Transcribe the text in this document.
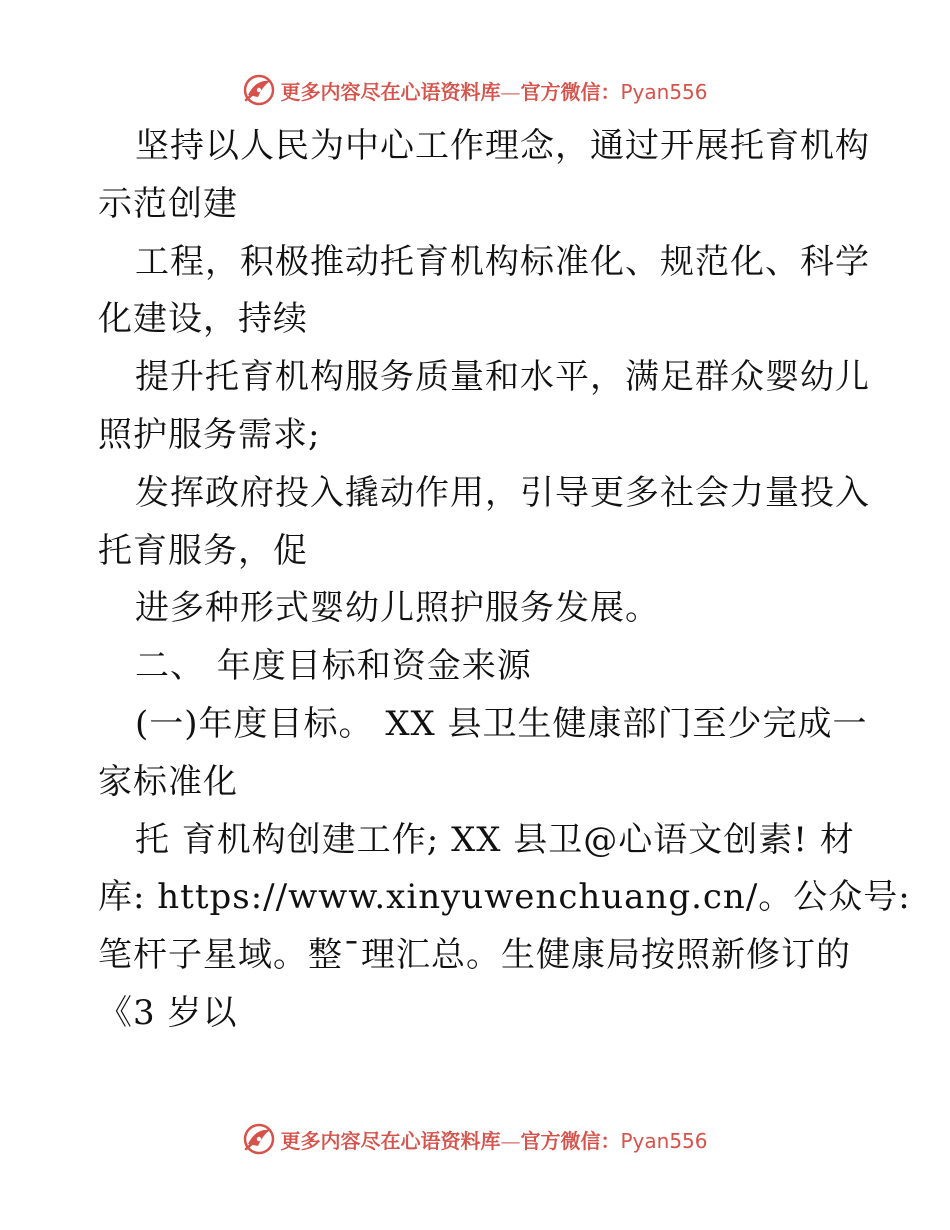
更多内容尽在心语资料库—官方微信：Pyan556
坚持以人民为中心工作理念，通过开展托育机构
示范创建
工程，积极推动托育机构标准化、规范化、科学
化建设，持续
提升托育机构服务质量和水平，满足群众婴幼儿
照护服务需求;
发挥政府投入撬动作用，引导更多社会力量投入
托育服务，促
进多种形式婴幼儿照护服务发展。
二、 年度目标和资金来源
(一)年度目标。 XX 县卫生健康部门至少完成一
家标准化
托 育机构创建工作; XX 县卫@心语文创素! 材
库: https://www.xinyuwenchuang.cn/。公众号:
笔杆子星域。整¯理汇总。生健康局按照新修订的
《3 岁以
更多内容尽在心语资料库—官方微信：Pyan556
